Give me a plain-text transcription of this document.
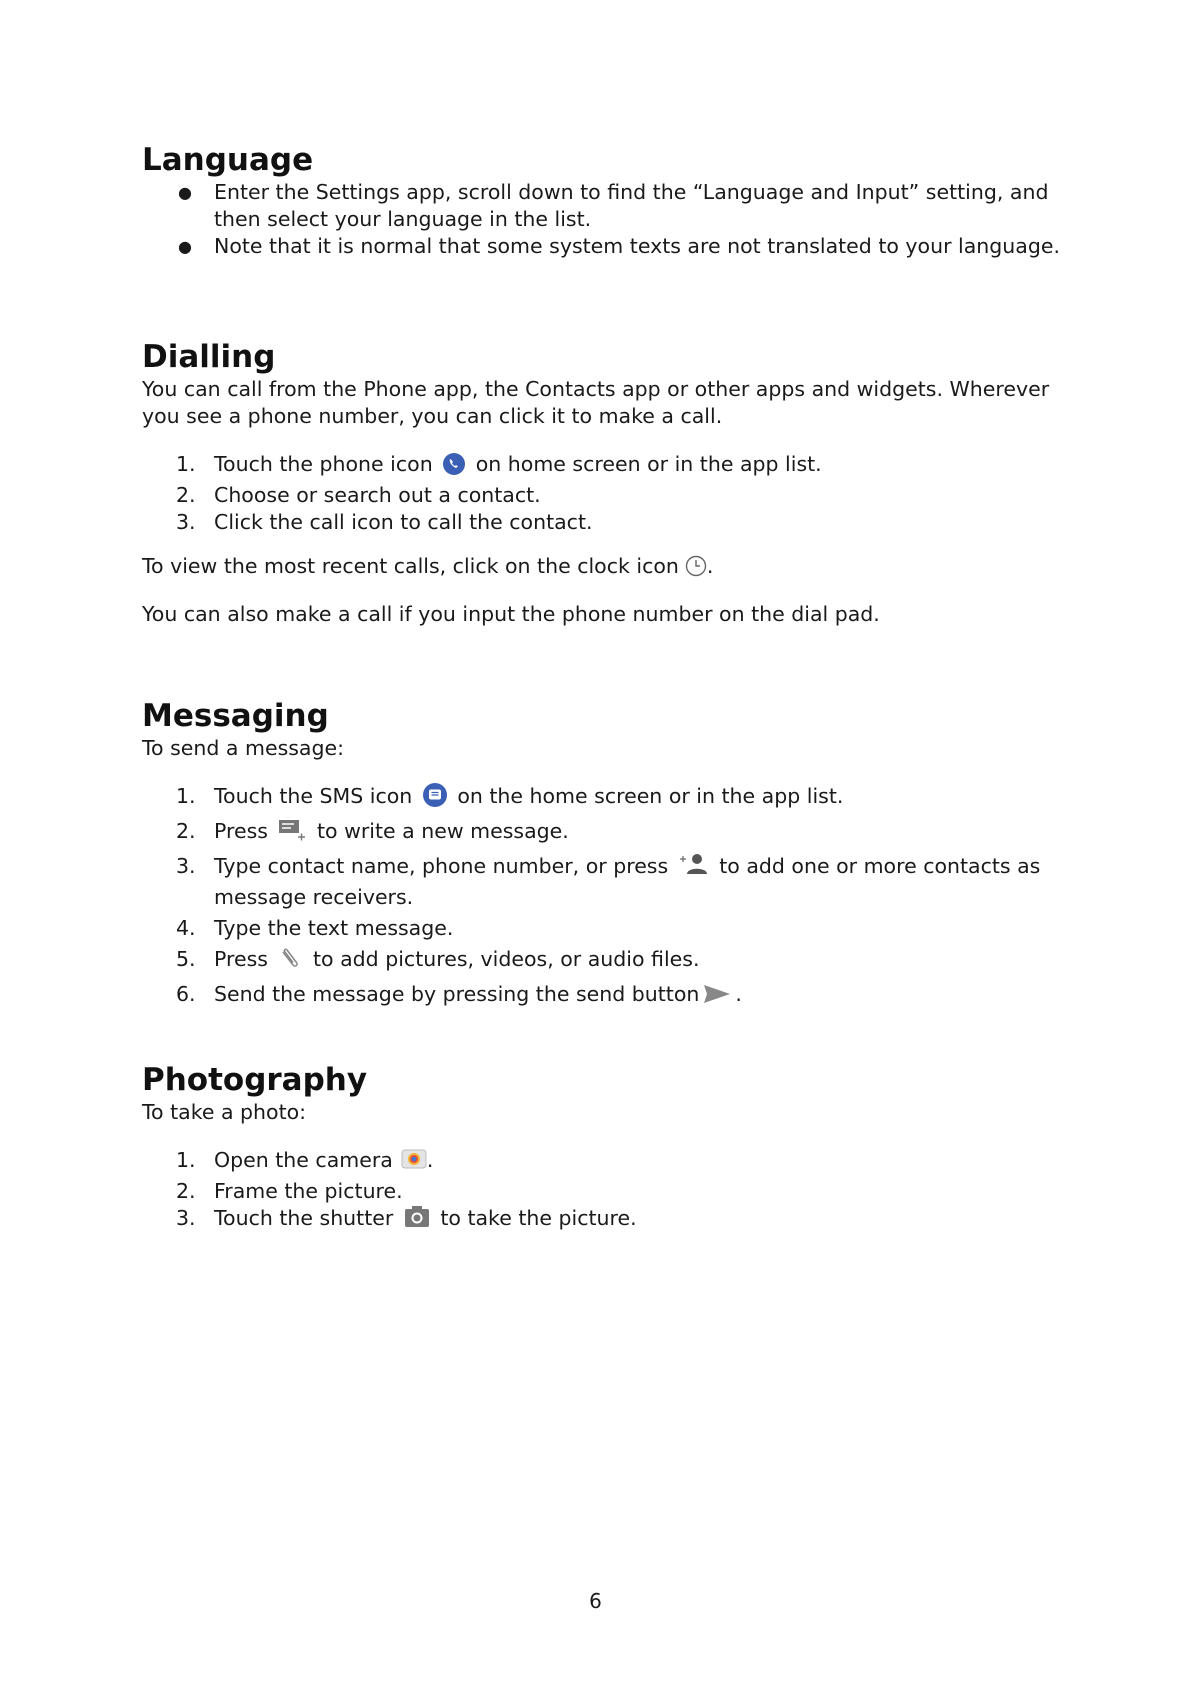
Language
●	Enter the Settings app, scroll down to find the “Language and Input” setting, and then select your language in the list.
●	Note that it is normal that some system texts are not translated to your language.
Dialling

You can call from the Phone app, the Contacts app or other apps and widgets. Wherever you see a phone number, you can click it to make a call.

1. Touch the phone icon on home screen or in the app list.
2. Choose or search out a contact.
3. Click the call icon to call the contact.

To view the most recent calls, click on the clock icon .

You can also make a call if you input the phone number on the dial pad.

Messaging

To send a message:

1. Touch the SMS icon on the home screen or in the app list.
2. Press to write a new message.
3. Type contact name, phone number, or press to add one or more contacts as message receivers.
4. Type the text message.
5. Press to add pictures, videos, or audio files.
6. Send the message by pressing the send button .
Photography

To take a photo:

1. Open the camera .
2. Frame the picture.
3. Touch the shutter to take the picture.
6
